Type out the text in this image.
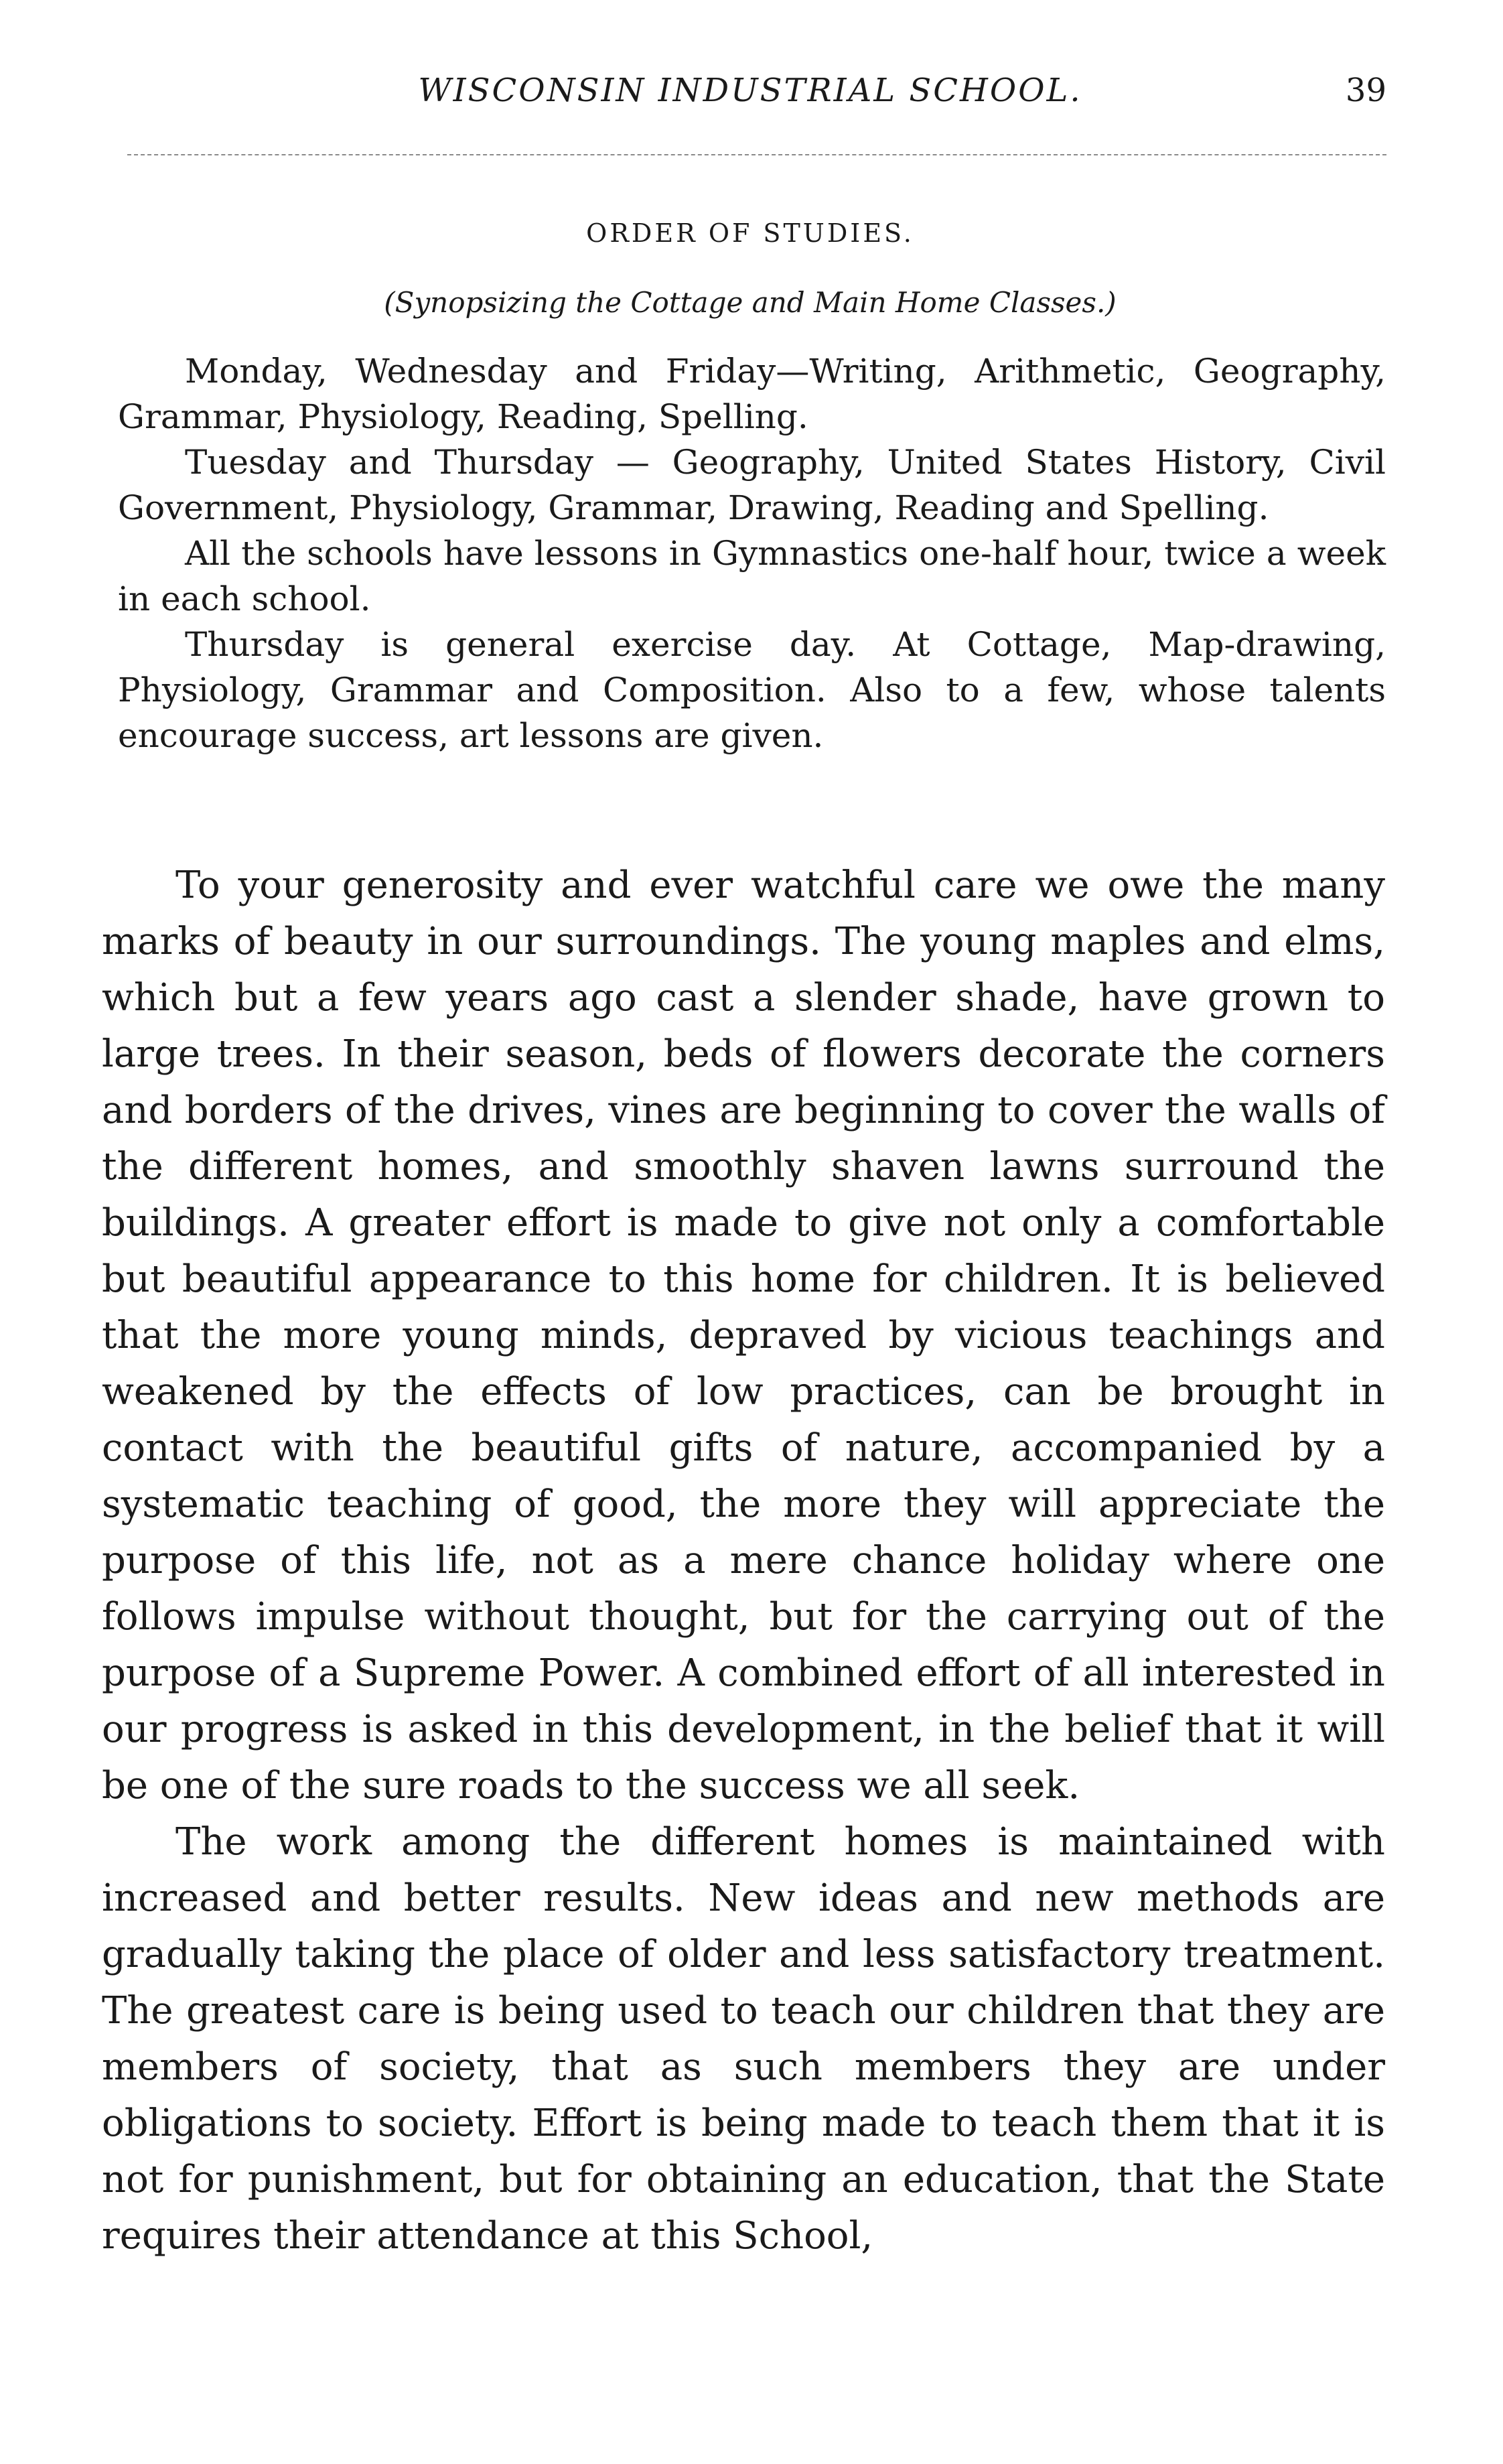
WISCONSIN INDUSTRIAL SCHOOL.	39
ORDER OF STUDIES.
(Synopsizing the Cottage and Main Home Classes.)

Monday, Wednesday and Friday—Writing, Arithmetic, Geography, Grammar, Physiology, Reading, Spelling.

Tuesday and Thursday — Geography, United States History, Civil Government, Physiology, Grammar, Drawing, Reading and Spelling.

All the schools have lessons in Gymnastics one-half hour, twice a week in each school.

Thursday is general exercise day. At Cottage, Map-drawing, Physiology, Grammar and Composition. Also to a few, whose talents encourage success, art lessons are given.

To your generosity and ever watchful care we owe the many marks of beauty in our surroundings. The young maples and elms, which but a few years ago cast a slender shade, have grown to large trees. In their season, beds of flowers decorate the corners and borders of the drives, vines are beginning to cover the walls of the different homes, and smoothly shaven lawns surround the buildings. A greater effort is made to give not only a comfortable but beautiful appearance to this home for children. It is believed that the more young minds, depraved by vicious teachings and weakened by the effects of low practices, can be brought in contact with the beautiful gifts of nature, accompanied by a systematic teaching of good, the more they will appreciate the purpose of this life, not as a mere chance holiday where one follows impulse without thought, but for the carrying out of the purpose of a Supreme Power. A combined effort of all interested in our progress is asked in this development, in the belief that it will be one of the sure roads to the success we all seek.

The work among the different homes is maintained with increased and better results. New ideas and new methods are gradually taking the place of older and less satisfactory treatment. The greatest care is being used to teach our children that they are members of society, that as such members they are under obligations to society. Effort is being made to teach them that it is not for punishment, but for obtaining an education, that the State requires their attendance at this School,
